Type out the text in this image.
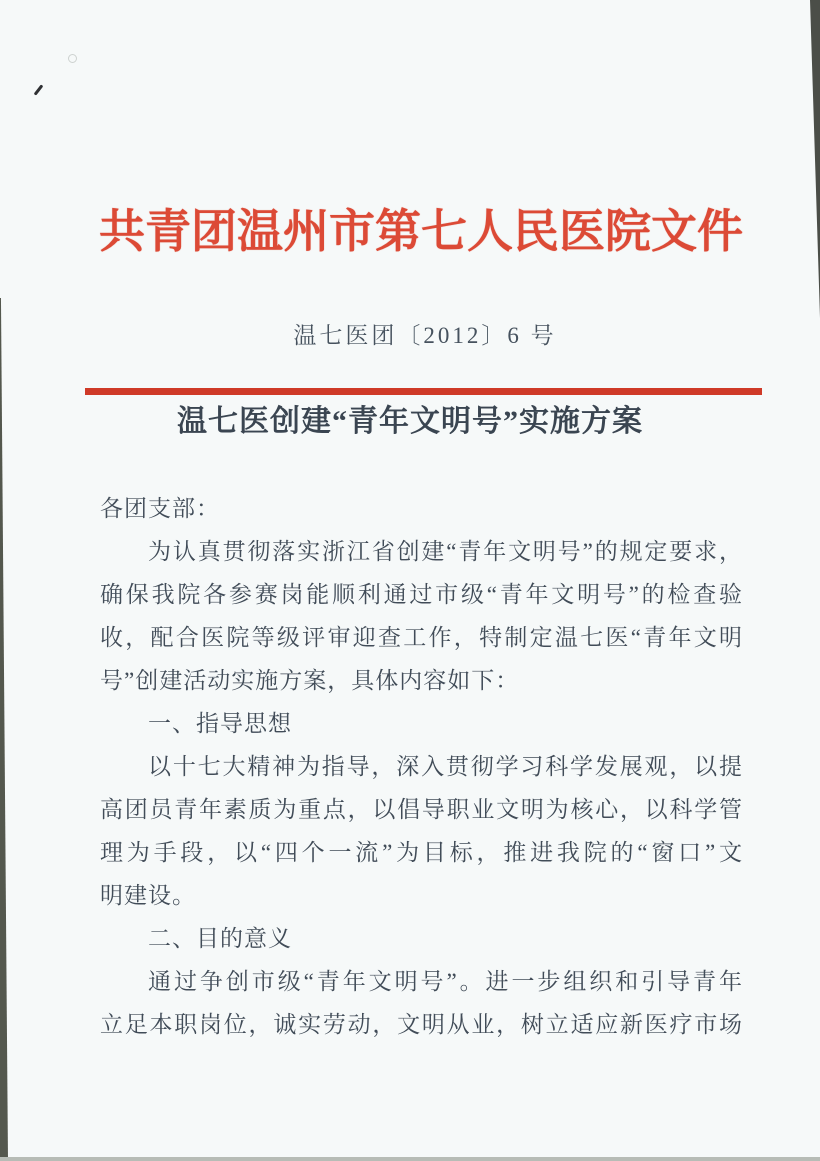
共青团温州市第七人民医院文件
温七医团〔2012〕6 号
温七医创建“青年文明号”实施方案
各团支部：
为认真贯彻落实浙江省创建“青年文明号”的规定要求，
确保我院各参赛岗能顺利通过市级“青年文明号”的检查验
收，配合医院等级评审迎查工作，特制定温七医“青年文明
号”创建活动实施方案，具体内容如下：
一、指导思想
以十七大精神为指导，深入贯彻学习科学发展观，以提
高团员青年素质为重点，以倡导职业文明为核心，以科学管
理为手段，以“四个一流”为目标，推进我院的“窗口”文
明建设。
二、目的意义
通过争创市级“青年文明号”。进一步组织和引导青年
立足本职岗位，诚实劳动，文明从业，树立适应新医疗市场
